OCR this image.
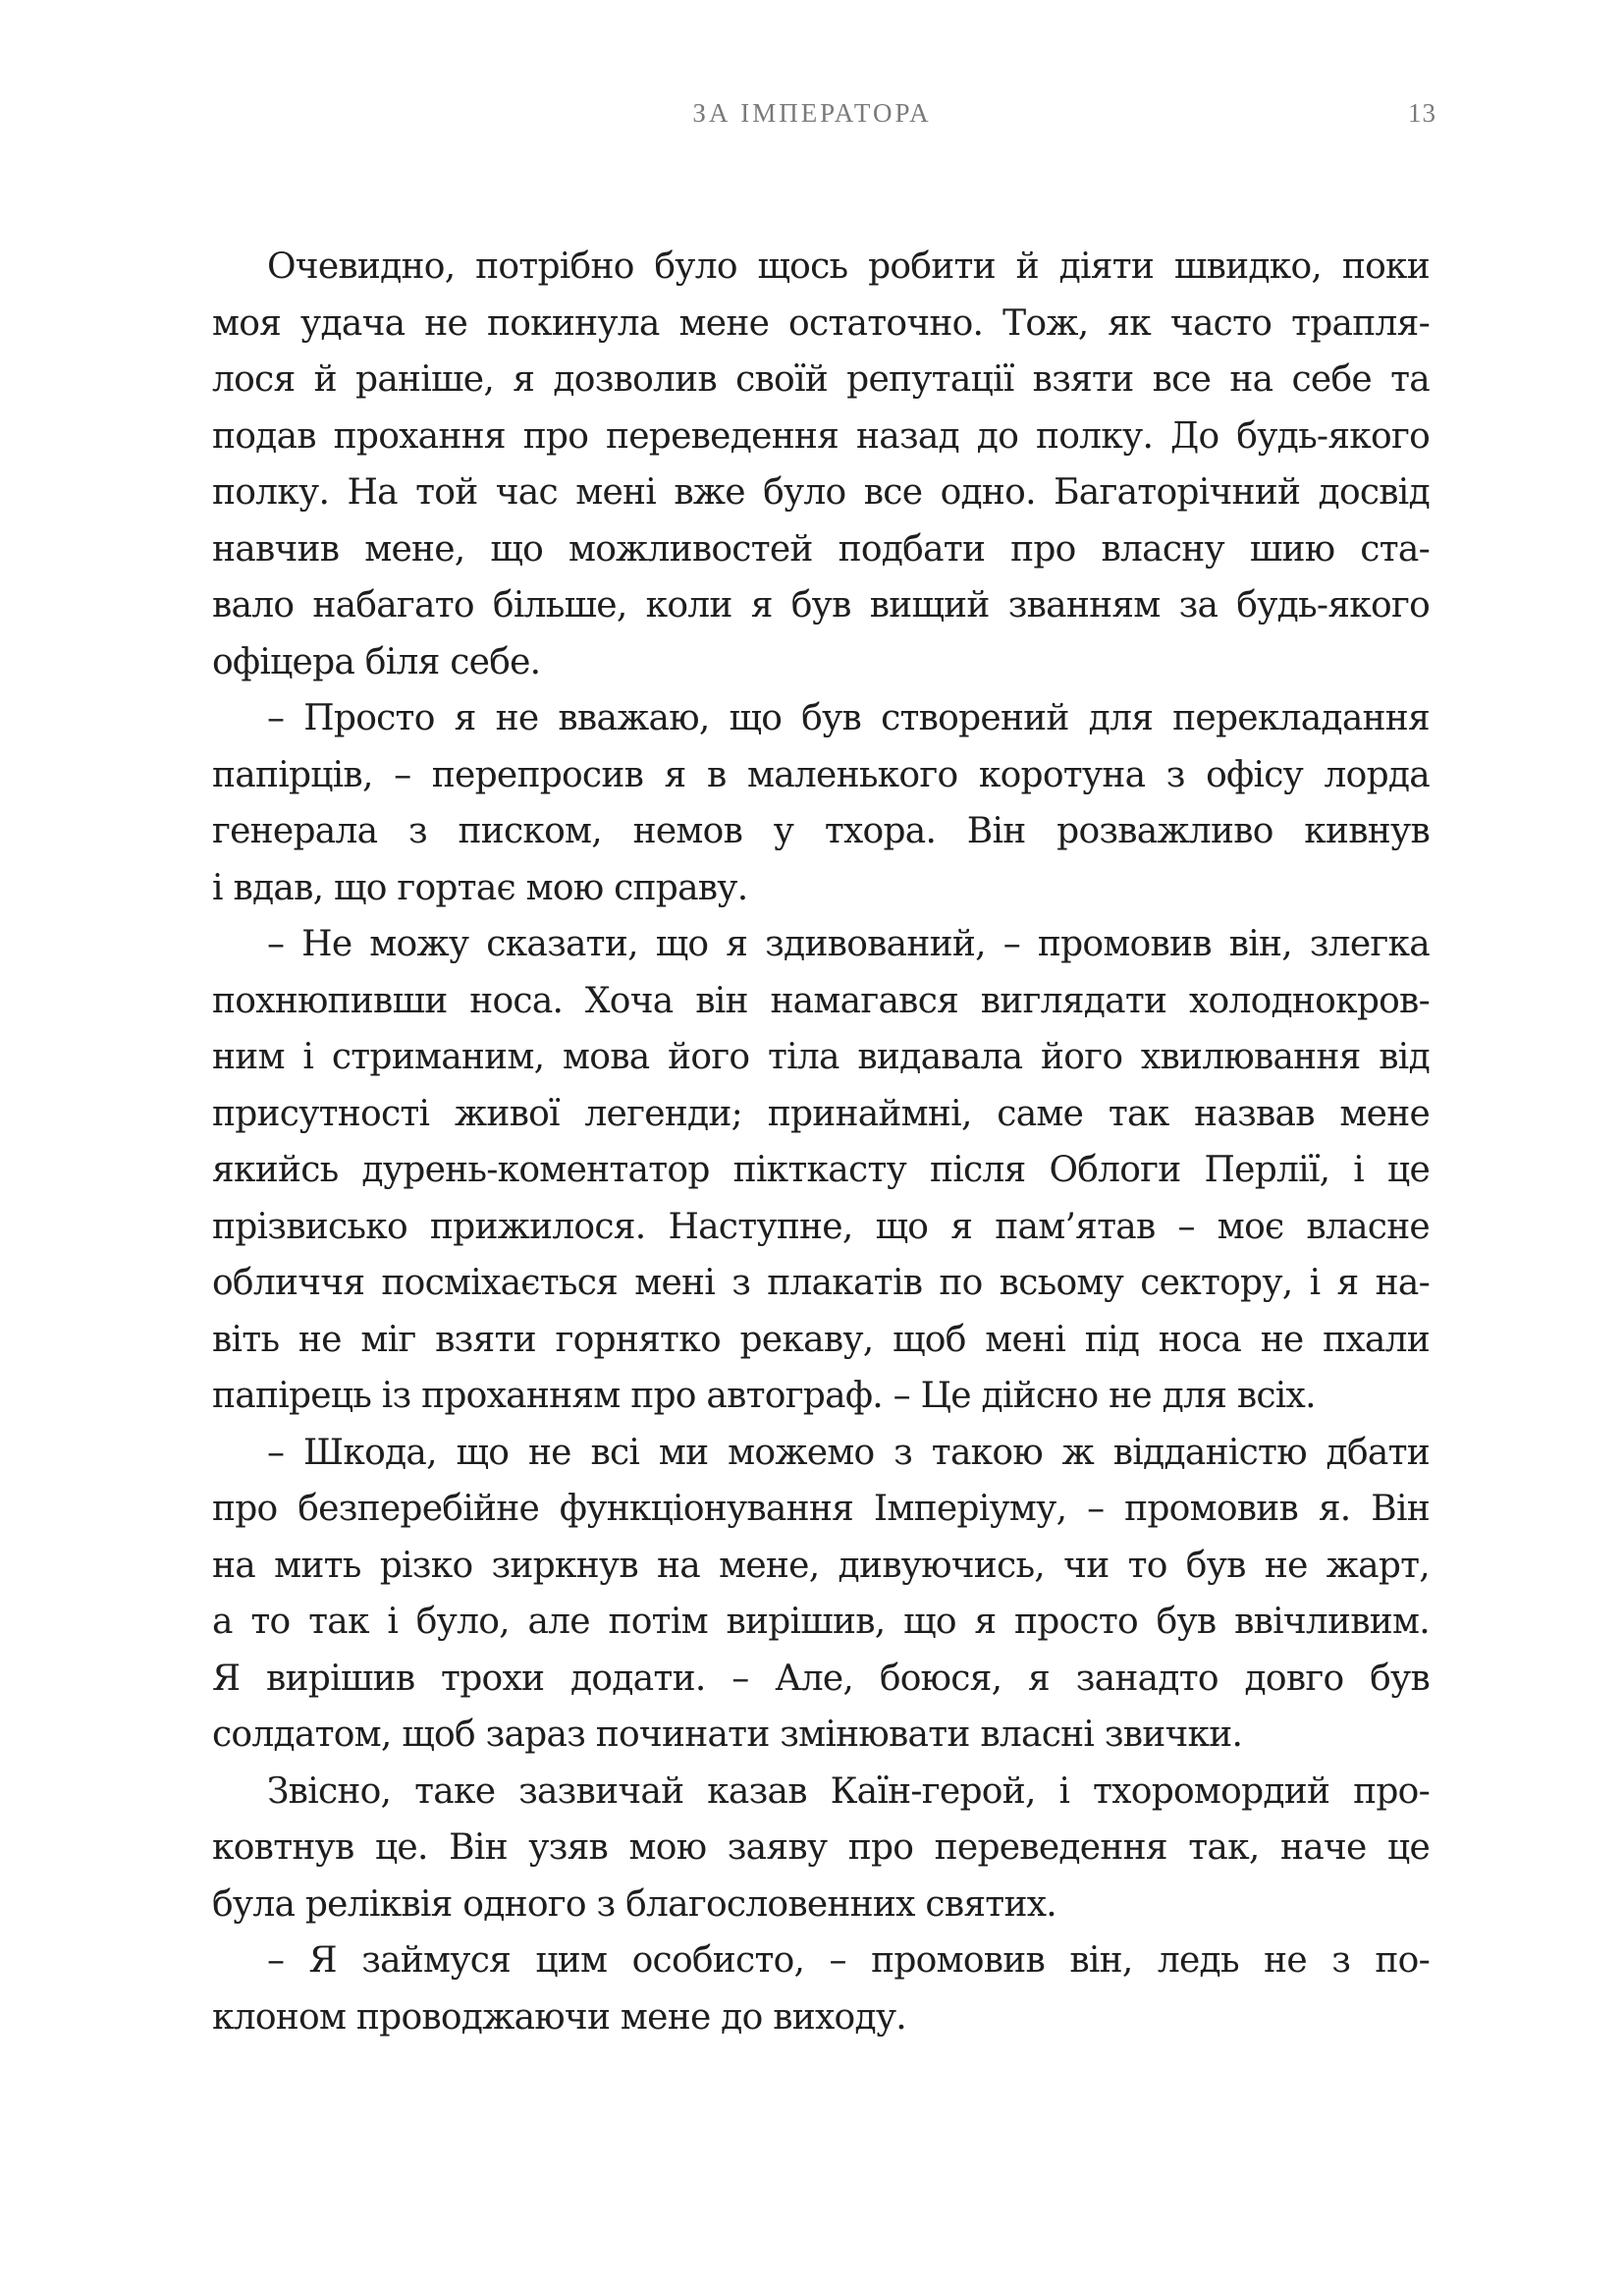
ЗА ІМПЕРАТОРА	13
Очевидно, потрібно було щось робити й діяти швидко, поки
моя удача не покинула мене остаточно. Тож, як часто трапля-
лося й раніше, я дозволив своїй репутації взяти все на себе та
подав прохання про переведення назад до полку. До будь-якого
полку. На той час мені вже було все одно. Багаторічний досвід
навчив мене, що можливостей подбати про власну шию ста-
вало набагато більше, коли я був вищий званням за будь-якого
офіцера біля себе.
– Просто я не вважаю, що був створений для перекладання
папірців, – перепросив я в маленького коротуна з офісу лорда
генерала з писком, немов у тхора. Він розважливо кивнув
і вдав, що гортає мою справу.
– Не можу сказати, що я здивований, – промовив він, злегка
похнюпивши носа. Хоча він намагався виглядати холоднокров-
ним і стриманим, мова його тіла видавала його хвилювання від
присутності живої легенди; принаймні, саме так назвав мене
якийсь дурень-коментатор пікткасту після Облоги Перлії, і це
прізвисько прижилося. Наступне, що я пам’ятав – моє власне
обличчя посміхається мені з плакатів по всьому сектору, і я на-
віть не міг взяти горнятко рекаву, щоб мені під носа не пхали
папірець із проханням про автограф. – Це дійсно не для всіх.
– Шкода, що не всі ми можемо з такою ж відданістю дбати
про безперебійне функціонування Імперіуму, – промовив я. Він
на мить різко зиркнув на мене, дивуючись, чи то був не жарт,
а то так і було, але потім вирішив, що я просто був ввічливим.
Я вирішив трохи додати. – Але, боюся, я занадто довго був
солдатом, щоб зараз починати змінювати власні звички.
Звісно, таке зазвичай казав Каїн-герой, і тхоромордий про-
ковтнув це. Він узяв мою заяву про переведення так, наче це
була реліквія одного з благословенних святих.
– Я займуся цим особисто, – промовив він, ледь не з по-
клоном проводжаючи мене до виходу.
